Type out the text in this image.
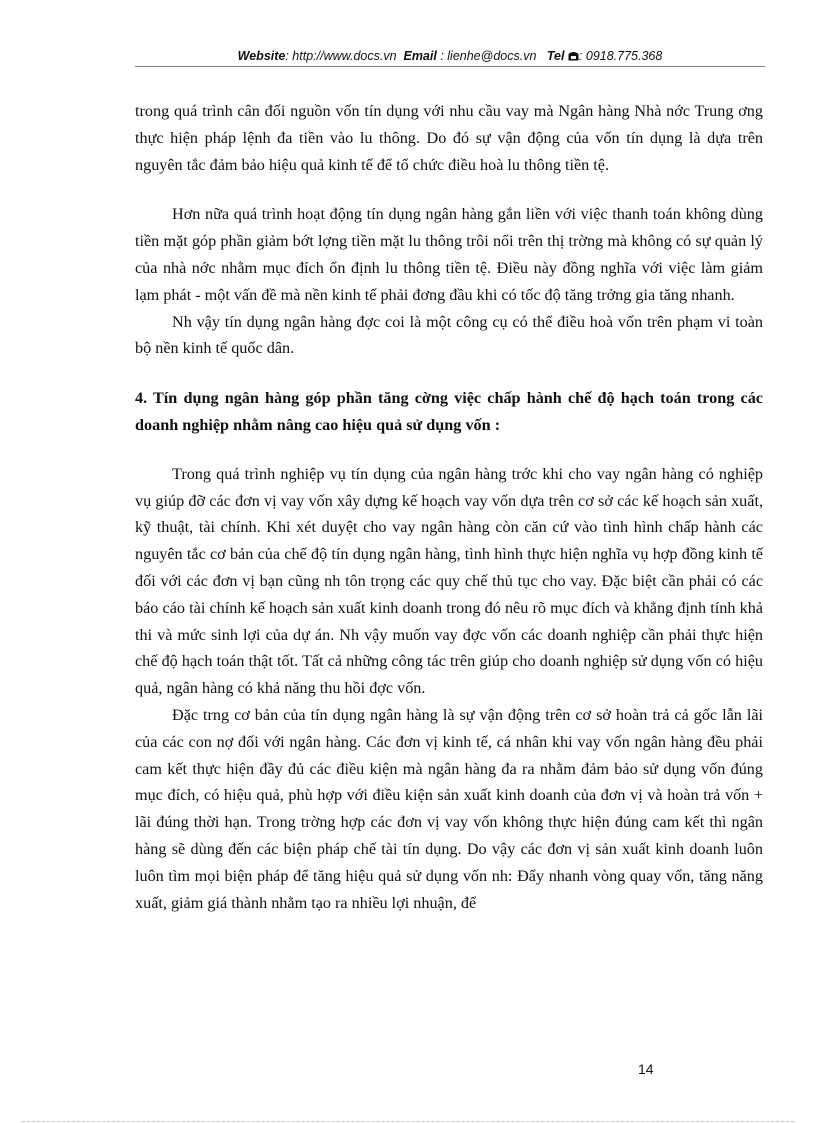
Website: http://www.docs.vn Email : lienhe@docs.vn Tel : 0918.775.368

trong quá trình cân đối nguồn vốn tín dụng với nhu cầu vay mà Ngân hàng Nhà nớc Trung ơng thực hiện pháp lệnh đa tiền vào lu thông. Do đó sự vận động của vốn tín dụng là dựa trên nguyên tắc đảm bảo hiệu quả kinh tế để tổ chức điều hoà lu thông tiền tệ.

Hơn nữa quá trình hoạt động tín dụng ngân hàng gắn liền với việc thanh toán không dùng tiền mặt góp phần giảm bớt lợng tiền mặt lu thông trôi nổi trên thị trờng mà không có sự quản lý của nhà nớc nhằm mục đích ổn định lu thông tiền tệ. Điều này đồng nghĩa với việc làm giảm lạm phát - một vấn đề mà nền kinh tế phải đơng đầu khi có tốc độ tăng trởng gia tăng nhanh.

Nh vậy tín dụng ngân hàng đợc coi là một công cụ có thể điều hoà vốn trên phạm vi toàn bộ nền kinh tế quốc dân.

4. Tín dụng ngân hàng góp phần tăng cờng việc chấp hành chế độ hạch toán trong các doanh nghiệp nhằm nâng cao hiệu quả sử dụng vốn :

Trong quá trình nghiệp vụ tín dụng của ngân hàng trớc khi cho vay ngân hàng có nghiệp vụ giúp đỡ các đơn vị vay vốn xây dựng kế hoạch vay vốn dựa trên cơ sở các kế hoạch sản xuất, kỹ thuật, tài chính. Khi xét duyệt cho vay ngân hàng còn căn cứ vào tình hình chấp hành các nguyên tắc cơ bản của chế độ tín dụng ngân hàng, tình hình thực hiện nghĩa vụ hợp đồng kinh tế đối với các đơn vị bạn cũng nh tôn trọng các quy chế thủ tục cho vay. Đặc biệt cần phải có các báo cáo tài chính kế hoạch sản xuất kinh doanh trong đó nêu rõ mục đích và khẳng định tính khả thi và mức sinh lợi của dự án. Nh vậy muốn vay đợc vốn các doanh nghiệp cần phải thực hiện chế độ hạch toán thật tốt. Tất cả những công tác trên giúp cho doanh nghiệp sử dụng vốn có hiệu quả, ngân hàng có khả năng thu hồi đợc vốn.

Đặc trng cơ bản của tín dụng ngân hàng là sự vận động trên cơ sở hoàn trả cả gốc lẫn lãi của các con nợ đối với ngân hàng. Các đơn vị kinh tế, cá nhân khi vay vốn ngân hàng đều phải cam kết thực hiện đầy đủ các điều kiện mà ngân hàng đa ra nhằm đảm bảo sử dụng vốn đúng mục đích, có hiệu quả, phù hợp với điều kiện sản xuất kinh doanh của đơn vị và hoàn trả vốn + lãi đúng thời hạn. Trong trờng hợp các đơn vị vay vốn không thực hiện đúng cam kết thì ngân hàng sẽ dùng đến các biện pháp chế tài tín dụng. Do vậy các đơn vị sản xuất kinh doanh luôn luôn tìm mọi biện pháp để tăng hiệu quả sử dụng vốn nh: Đẩy nhanh vòng quay vốn, tăng năng xuất, giảm giá thành nhằm tạo ra nhiều lợi nhuận, để

14
